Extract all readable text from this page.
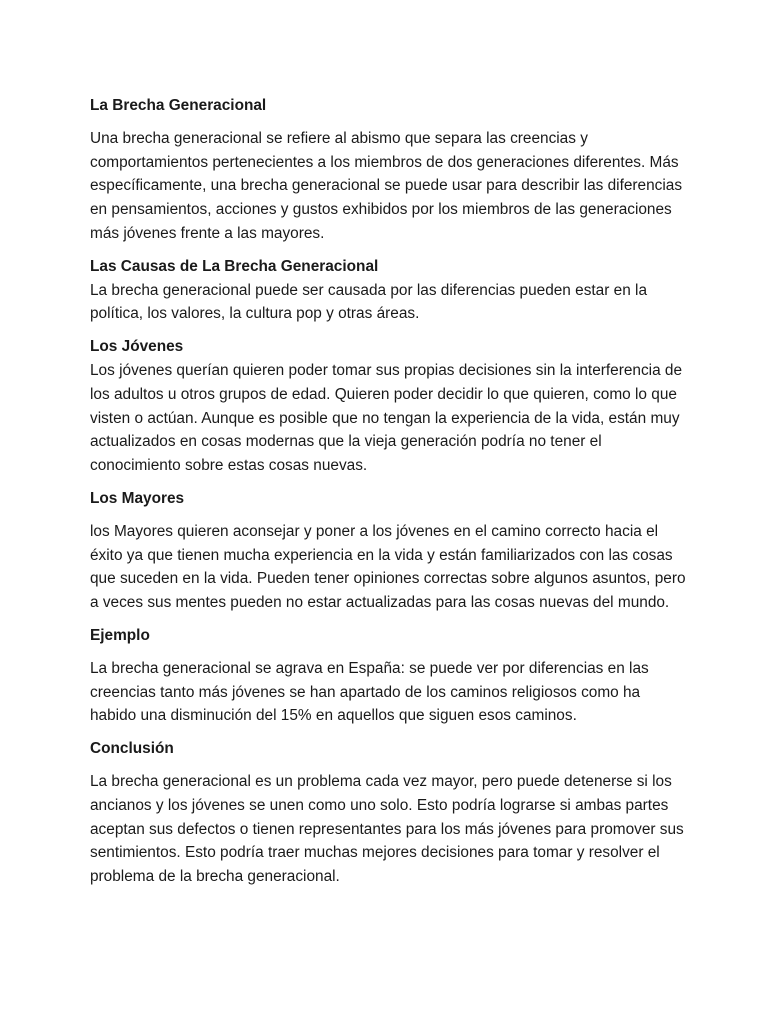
La Brecha Generacional

Una brecha generacional se refiere al abismo que separa las creencias y comportamientos pertenecientes a los miembros de dos generaciones diferentes. Más específicamente, una brecha generacional se puede usar para describir las diferencias en pensamientos, acciones y gustos exhibidos por los miembros de las generaciones más jóvenes frente a las mayores.

Las Causas de La Brecha Generacional

La brecha generacional puede ser causada por las diferencias pueden estar en la política, los valores, la cultura pop y otras áreas.

Los Jóvenes

Los jóvenes querían quieren poder tomar sus propias decisiones sin la interferencia de los adultos u otros grupos de edad. Quieren poder decidir lo que quieren, como lo que visten o actúan. Aunque es posible que no tengan la experiencia de la vida, están muy actualizados en cosas modernas que la vieja generación podría no tener el conocimiento sobre estas cosas nuevas.

Los Mayores

los Mayores quieren aconsejar y poner a los jóvenes en el camino correcto hacia el éxito ya que tienen mucha experiencia en la vida y están familiarizados con las cosas que suceden en la vida. Pueden tener opiniones correctas sobre algunos asuntos, pero a veces sus mentes pueden no estar actualizadas para las cosas nuevas del mundo.

Ejemplo

La brecha generacional se agrava en España: se puede ver por diferencias en las creencias tanto más jóvenes se han apartado de los caminos religiosos como ha habido una disminución del 15% en aquellos que siguen esos caminos.

Conclusión

La brecha generacional es un problema cada vez mayor, pero puede detenerse si los ancianos y los jóvenes se unen como uno solo. Esto podría lograrse si ambas partes aceptan sus defectos o tienen representantes para los más jóvenes para promover sus sentimientos. Esto podría traer muchas mejores decisiones para tomar y resolver el problema de la brecha generacional.
